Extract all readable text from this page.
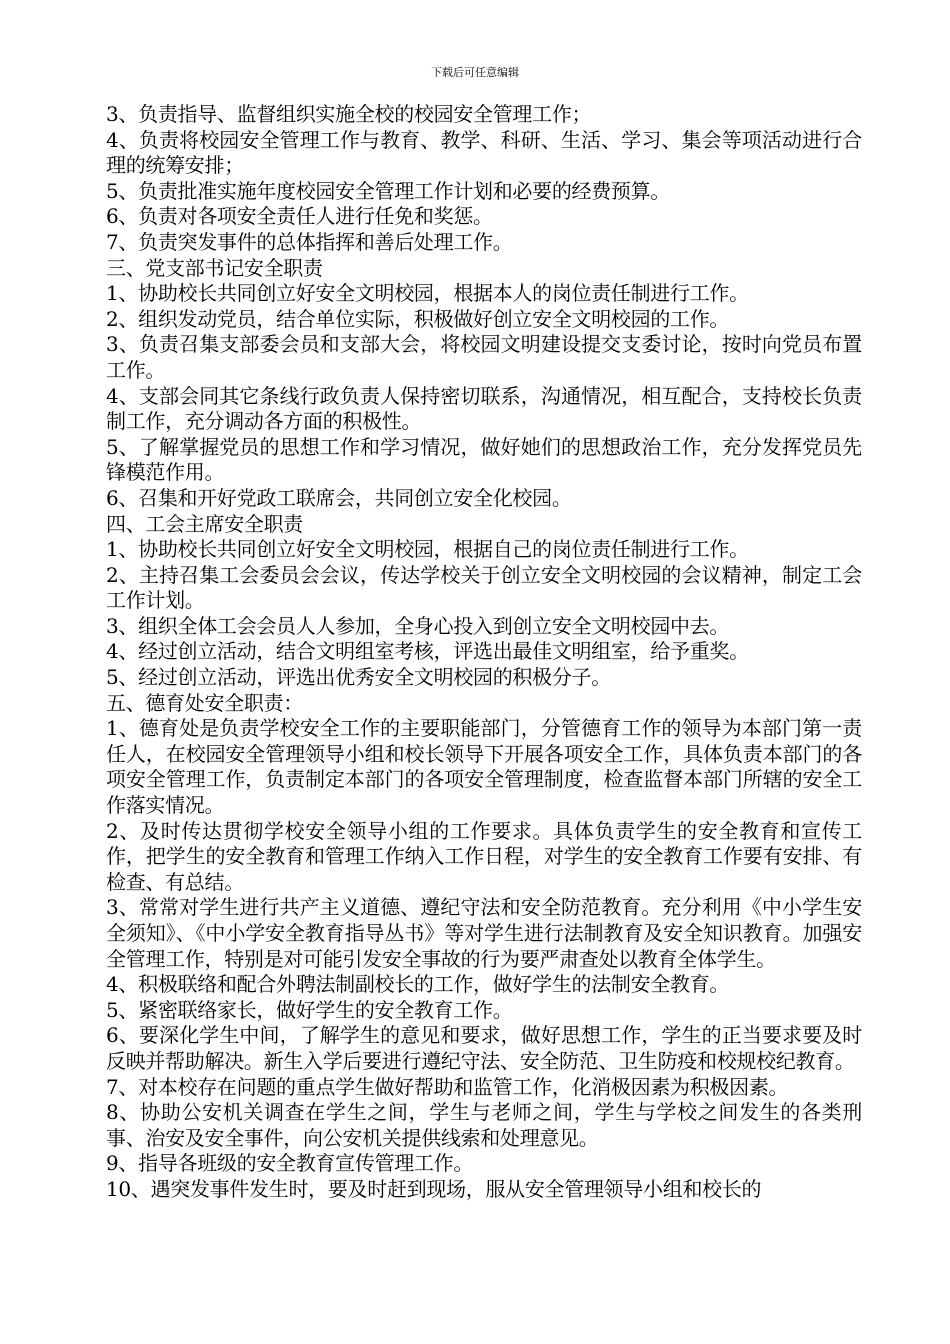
下载后可任意编辑

3、负责指导、监督组织实施全校的校园安全管理工作；

4、负责将校园安全管理工作与教育、教学、科研、生活、学习、集会等项活动进行合理的统筹安排；

5、负责批准实施年度校园安全管理工作计划和必要的经费预算。

6、负责对各项安全责任人进行任免和奖惩。

7、负责突发事件的总体指挥和善后处理工作。

三、党支部书记安全职责

1、协助校长共同创立好安全文明校园，根据本人的岗位责任制进行工作。

2、组织发动党员，结合单位实际，积极做好创立安全文明校园的工作。

3、负责召集支部委会员和支部大会，将校园文明建设提交支委讨论，按时向党员布置工作。

4、支部会同其它条线行政负责人保持密切联系，沟通情况，相互配合，支持校长负责制工作，充分调动各方面的积极性。

5、了解掌握党员的思想工作和学习情况，做好她们的思想政治工作，充分发挥党员先锋模范作用。

6、召集和开好党政工联席会，共同创立安全化校园。

四、工会主席安全职责

1、协助校长共同创立好安全文明校园，根据自己的岗位责任制进行工作。

2、主持召集工会委员会会议，传达学校关于创立安全文明校园的会议精神，制定工会工作计划。

3、组织全体工会会员人人参加，全身心投入到创立安全文明校园中去。

4、经过创立活动，结合文明组室考核，评选出最佳文明组室，给予重奖。

5、经过创立活动，评选出优秀安全文明校园的积极分子。

五、德育处安全职责：

1、德育处是负责学校安全工作的主要职能部门，分管德育工作的领导为本部门第一责任人，在校园安全管理领导小组和校长领导下开展各项安全工作，具体负责本部门的各项安全管理工作，负责制定本部门的各项安全管理制度，检查监督本部门所辖的安全工作落实情况。

2、及时传达贯彻学校安全领导小组的工作要求。具体负责学生的安全教育和宣传工作，把学生的安全教育和管理工作纳入工作日程，对学生的安全教育工作要有安排、有检查、有总结。

3、常常对学生进行共产主义道德、遵纪守法和安全防范教育。充分利用《中小学生安全须知》、《中小学安全教育指导丛书》等对学生进行法制教育及安全知识教育。加强安全管理工作，特别是对可能引发安全事故的行为要严肃查处以教育全体学生。

4、积极联络和配合外聘法制副校长的工作，做好学生的法制安全教育。

5、紧密联络家长，做好学生的安全教育工作。

6、要深化学生中间，了解学生的意见和要求，做好思想工作，学生的正当要求要及时反映并帮助解决。新生入学后要进行遵纪守法、安全防范、卫生防疫和校规校纪教育。

7、对本校存在问题的重点学生做好帮助和监管工作，化消极因素为积极因素。

8、协助公安机关调查在学生之间，学生与老师之间，学生与学校之间发生的各类刑事、治安及安全事件，向公安机关提供线索和处理意见。

9、指导各班级的安全教育宣传管理工作。

10、遇突发事件发生时，要及时赶到现场，服从安全管理领导小组和校长的
